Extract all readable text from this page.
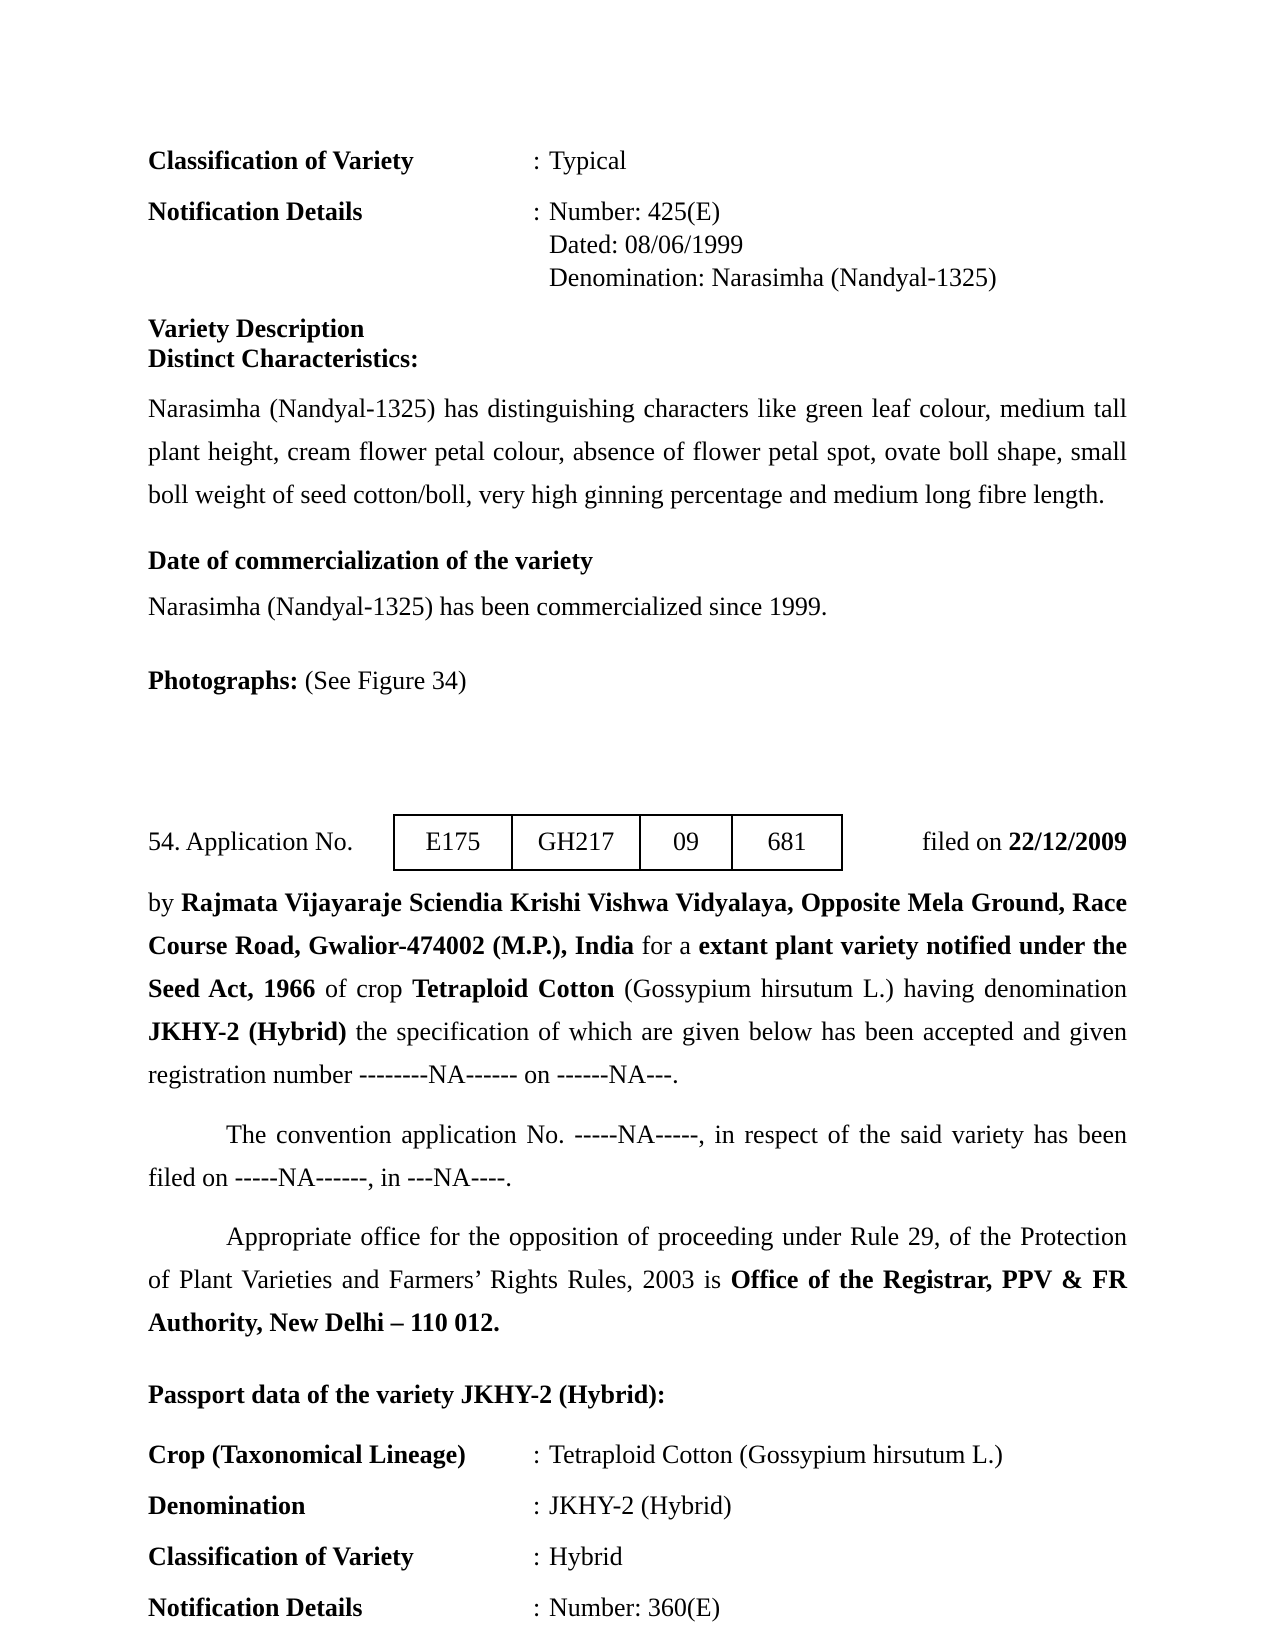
Classification of Variety	: Typical
Notification Details	: Number: 425(E)
Dated: 08/06/1999
Denomination: Narasimha (Nandyal-1325)
Variety Description
Distinct Characteristics:

Narasimha (Nandyal-1325) has distinguishing characters like green leaf colour, medium tall plant height, cream flower petal colour, absence of flower petal spot, ovate boll shape, small boll weight of seed cotton/boll, very high ginning percentage and medium long fibre length.

Date of commercialization of the variety
Narasimha (Nandyal-1325) has been commercialized since 1999.
Photographs: (See Figure 34)
54. Application No.	E175	GH217	09	681	filed on 22/12/2009

by Rajmata Vijayaraje Sciendia Krishi Vishwa Vidyalaya, Opposite Mela Ground, Race Course Road, Gwalior-474002 (M.P.), India for a extant plant variety notified under the Seed Act, 1966 of crop Tetraploid Cotton (Gossypium hirsutum L.) having denomination JKHY-2 (Hybrid) the specification of which are given below has been accepted and given registration number --------NA------ on ------NA---.

The convention application No. -----NA-----, in respect of the said variety has been filed on -----NA------, in ---NA----.

Appropriate office for the opposition of proceeding under Rule 29, of the Protection of Plant Varieties and Farmers’ Rights Rules, 2003 is Office of the Registrar, PPV & FR Authority, New Delhi – 110 012.

Passport data of the variety JKHY-2 (Hybrid):
Crop (Taxonomical Lineage)	: Tetraploid Cotton (Gossypium hirsutum L.)
Denomination	: JKHY-2 (Hybrid)
Classification of Variety	: Hybrid
Notification Details	: Number: 360(E)
